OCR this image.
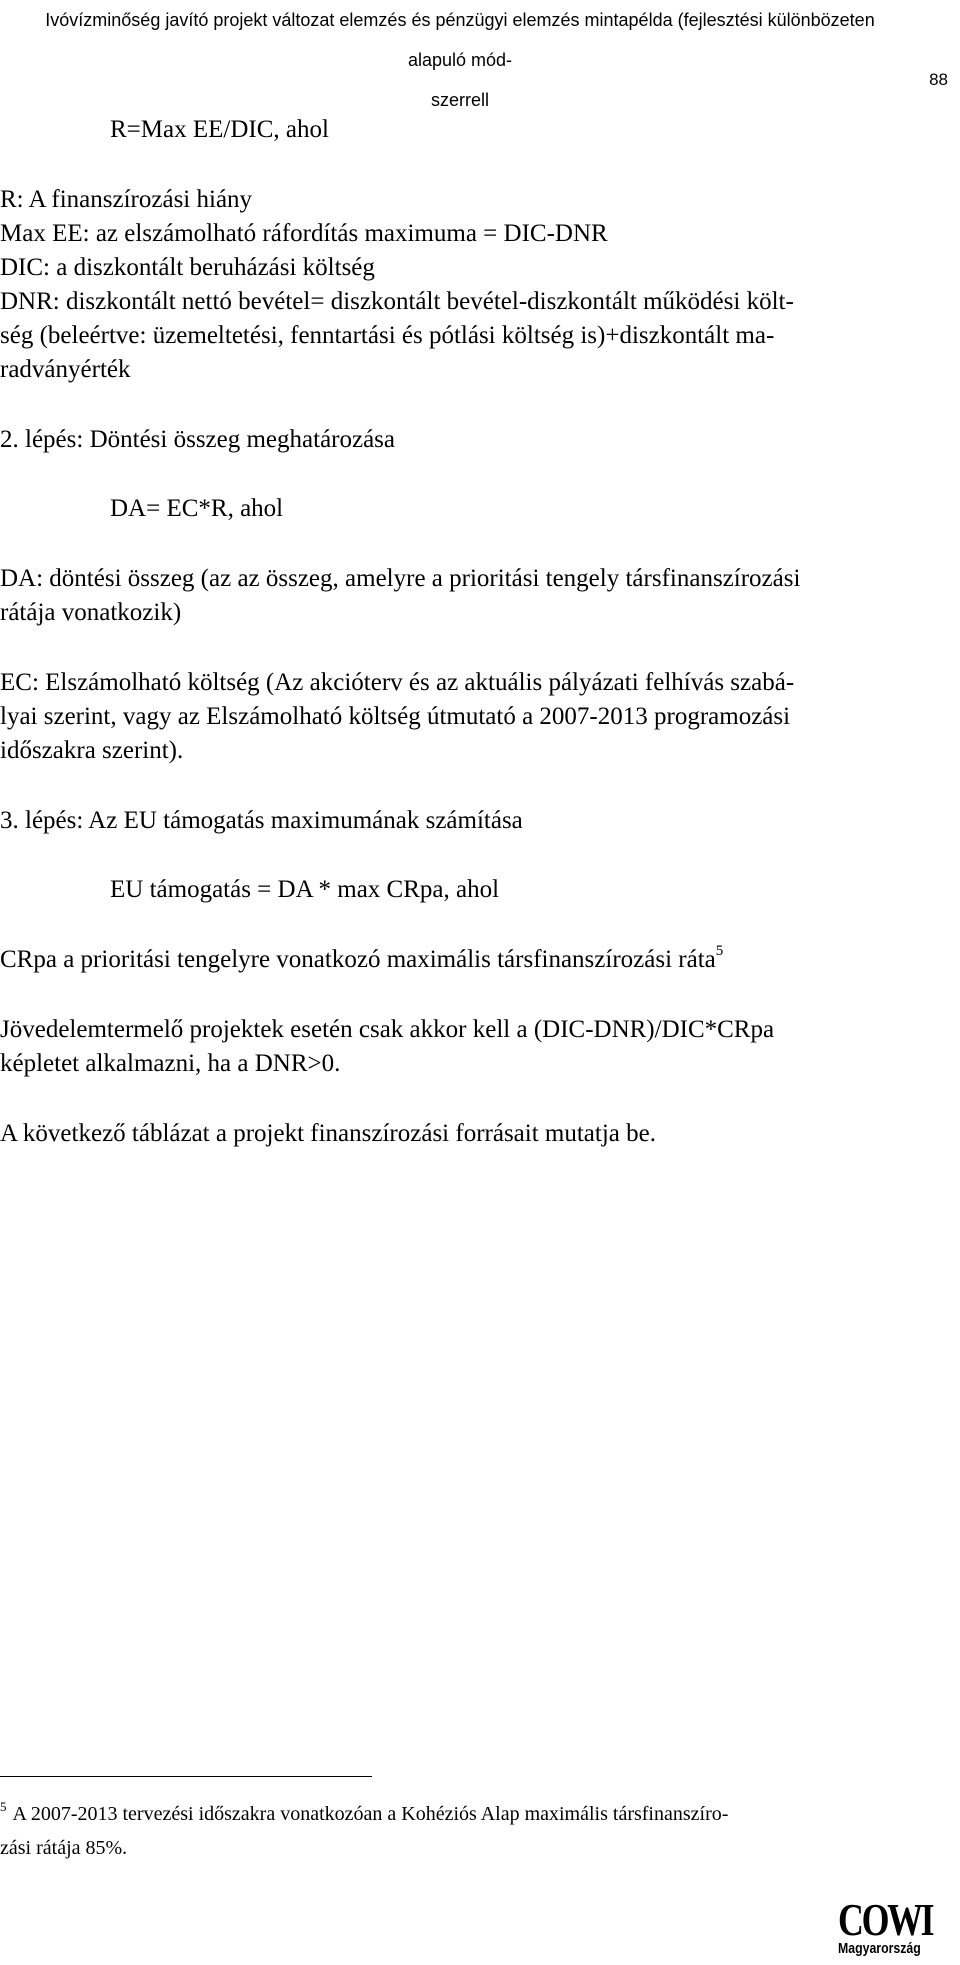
Ivóvízminőség javító projekt változat elemzés és pénzügyi elemzés mintapélda (fejlesztési különbözeten alapuló mód-
szerrell
88
R=Max EE/DIC, ahol
R: A finanszírozási hiány
Max EE: az elszámolható ráfordítás maximuma = DIC-DNR
DIC: a diszkontált beruházási költség
DNR: diszkontált nettó bevétel= diszkontált bevétel-diszkontált működési költ-
ség (beleértve: üzemeltetési, fenntartási és pótlási költség is)+diszkontált ma-
radványérték
2. lépés: Döntési összeg meghatározása
DA= EC*R, ahol
DA: döntési összeg (az az összeg, amelyre a prioritási tengely társfinanszírozási
rátája vonatkozik)
EC: Elszámolható költség (Az akcióterv és az aktuális pályázati felhívás szabá-
lyai szerint, vagy az Elszámolható költség útmutató a 2007-2013 programozási
időszakra szerint).
3. lépés: Az EU támogatás maximumának számítása
EU támogatás = DA * max CRpa, ahol
CRpa a prioritási tengelyre vonatkozó maximális társfinanszírozási ráta$^5$
Jövedelemtermelő projektek esetén csak akkor kell a (DIC-DNR)/DIC*CRpa
képletet alkalmazni, ha a DNR>0.
A következő táblázat a projekt finanszírozási forrásait mutatja be.
$^5$ A 2007-2013 tervezési időszakra vonatkozóan a Kohéziós Alap maximális társfinanszíro-
zási rátája 85%.
COWI
Magyarország
